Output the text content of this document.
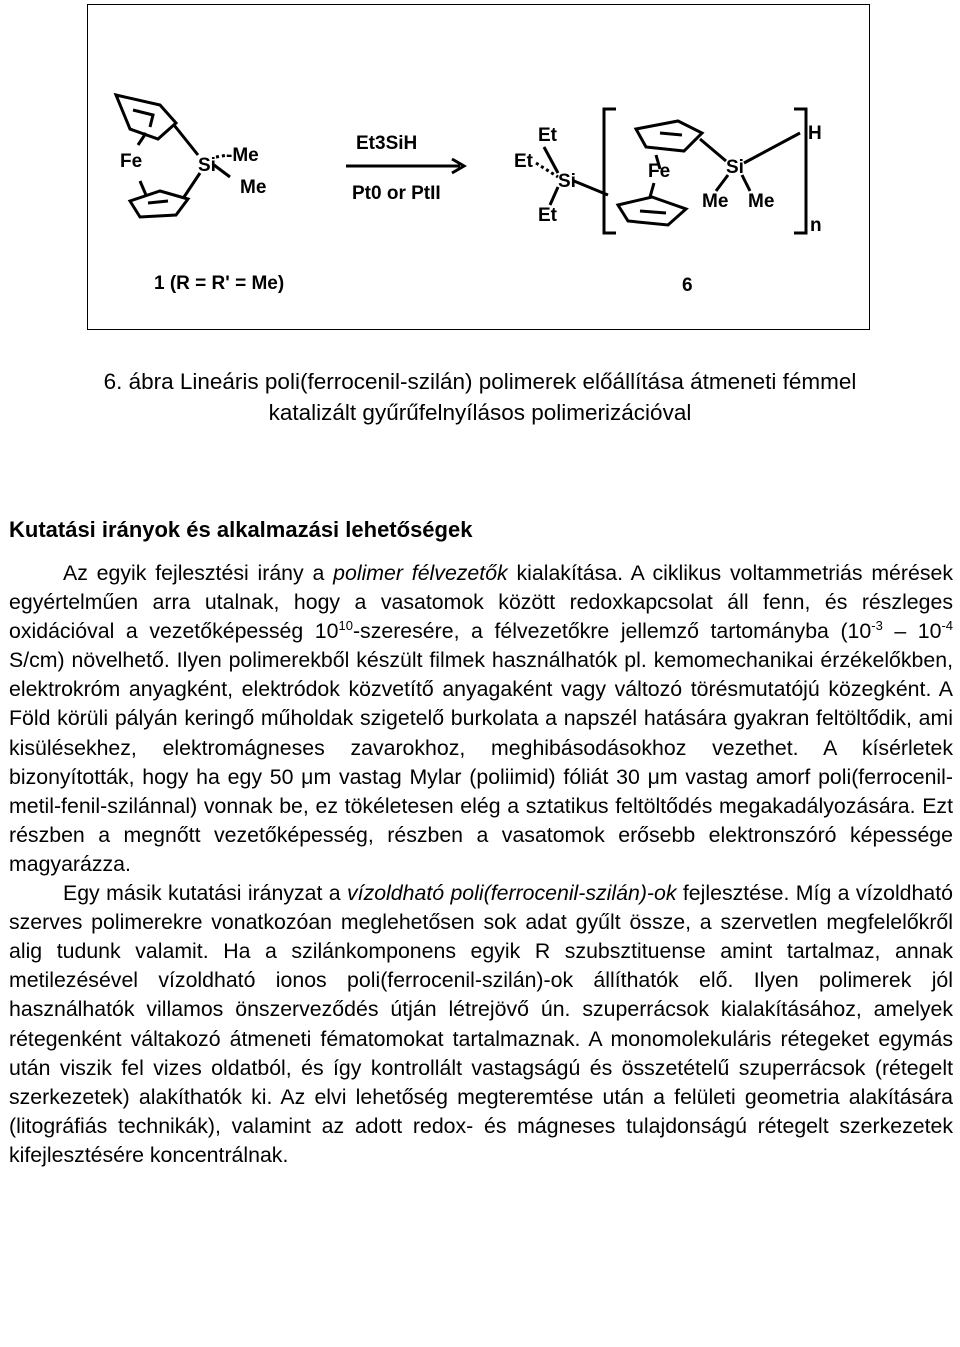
Fe	Si -Me
Me
1 (R = R' = Me)
Et3SiH
Pt0 or PtII
Et
Et
Si
Et
Fe	Si
Me Me
H
n
6
6. ábra Lineáris poli(ferrocenil-szilán) polimerek előállítása átmeneti fémmel
katalizált gyűrűfelnyílásos polimerizációval
Kutatási irányok és alkalmazási lehetőségek

Az egyik fejlesztési irány a polimer félvezetők kialakítása. A ciklikus voltammetriás mérések egyértelműen arra utalnak, hogy a vasatomok között redoxkapcsolat áll fenn, és részleges oxidációval a vezetőképesség $10^{10}$-szeresére, a félvezetőkre jellemző tartományba ($10^{-3} - 10^{-4}$ S/cm) növelhető. Ilyen polimerekből készült filmek használhatók pl. kemomechanikai érzékelőkben, elektrokróm anyagként, elektródok közvetítő anyagaként vagy változó törésmutatójú közegként. A Föld körüli pályán keringő műholdak szigetelő burkolata a napszél hatására gyakran feltöltődik, ami kisülésekhez, elektromágneses zavarokhoz, meghibásodásokhoz vezethet. A kísérletek bizonyították, hogy ha egy 50 μm vastag Mylar (poliimid) fóliát 30 μm vastag amorf poli(ferrocenil-metil-fenil-szilánnal) vonnak be, ez tökéletesen elég a sztatikus feltöltődés megakadályozására. Ezt részben a megnőtt vezetőképesség, részben a vasatomok erősebb elektronszóró képessége magyarázza.

Egy másik kutatási irányzat a vízoldható poli(ferrocenil-szilán)-ok fejlesztése. Míg a vízoldható szerves polimerekre vonatkozóan meglehetősen sok adat gyűlt össze, a szervetlen megfelelőkről alig tudunk valamit. Ha a szilánkomponens egyik R szubsztituense amint tartalmaz, annak metilezésével vízoldható ionos poli(ferrocenil-szilán)-ok állíthatók elő. Ilyen polimerek jól használhatók villamos önszerveződés útján létrejövő ún. szuperrácsok kialakításához, amelyek rétegenként váltakozó átmeneti fématomokat tartalmaznak. A monomolekuláris rétegeket egymás után viszik fel vizes oldatból, és így kontrollált vastagságú és összetételű szuperrácsok (rétegelt szerkezetek) alakíthatók ki. Az elvi lehetőség megteremtése után a felületi geometria alakítására (litográfiás technikák), valamint az adott redox- és mágneses tulajdonságú rétegelt szerkezetek kifejlesztésére koncentrálnak.
